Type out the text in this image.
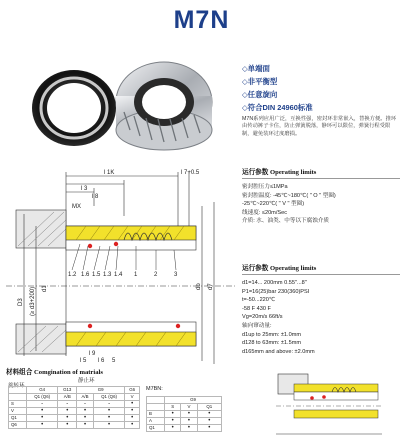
M7N
◇单端面
◇非平衡型
◇任意旋向
◇符合DIN 24960标准
M7N系列应用广泛，互换性强，密封环非常嵌入，替换方便。推环由传动裤子卡住，防止弹簧脱落，静环可以限位，弹簧行程受限制，避免装环过度磨损。
运行参数 Operating limits
密封腔压力≤1MPa
密封腔温度: -45℃~180℃( " O " 型圈)
-25℃~220℃( " V " 型圈)
线速度: ≤20m/Sec
介质: 水、油类、中等以下腐蚀介质
运行参数 Operating limits
d1=14... 200mm 0.55"...8"
P1=16(25)bar 230(360)PSI
t=-50...220℃
-58 F 430 F
Vg=20m/s 66ft/s
轴向窜动量:
d1up to 25mm: ±1.0mm
d128 to 63mm: ±1.5mm
d165mm and above: ±2.0mm
l 1K	l 7+0.5
l 3
l 8
MX
1.2 1.6 1.5 1.3 1.4 1	2	3
l 5 l 6 5
l 9
D3 (≥ d3+200) d1	db d7
材料组合 Comgination of matrials
静止环
旋转环
	G4	G13	G9		G6
	Q1 (Q6)	A/B	A/B	Q1 (Q6)	V
S	-	-	-	-	•
V	•	•	•	•	•
Q1	•	•	•	•	•
Q6	•	•	•	•	•
M7BN:
	G9		
	S	V	Q1
B	•	•	•
A	•	•	•
Q1	•	•	•
